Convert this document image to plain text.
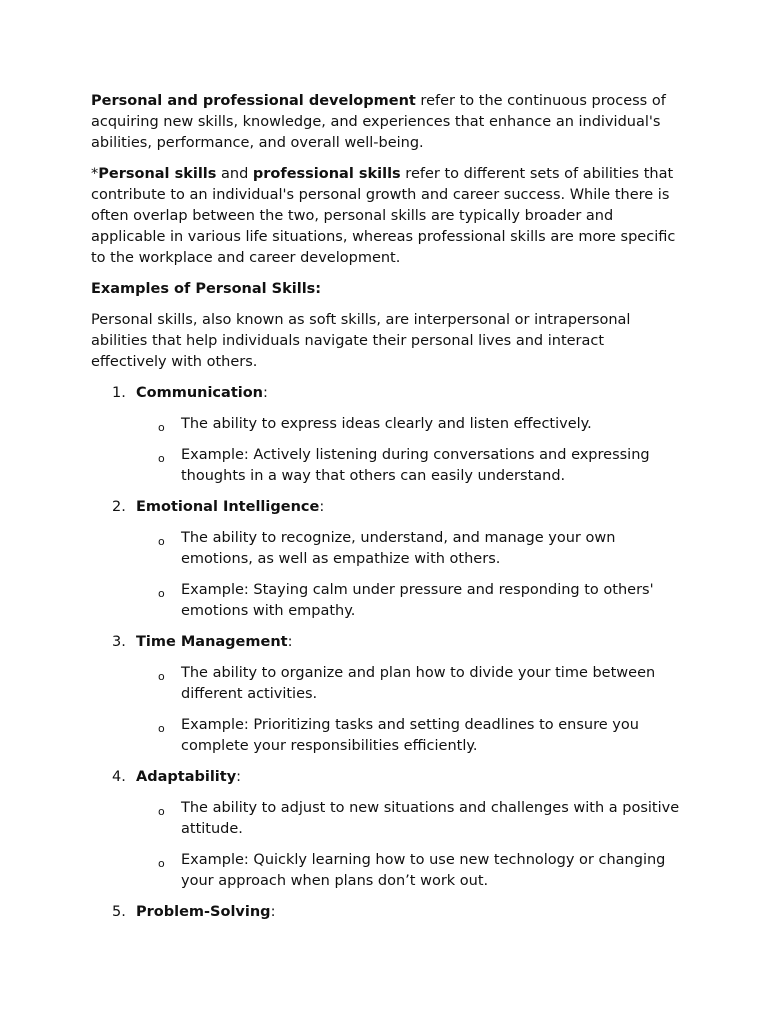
Personal and professional development refer to the continuous process of acquiring new skills, knowledge, and experiences that enhance an individual's abilities, performance, and overall well-being.

*Personal skills and professional skills refer to different sets of abilities that contribute to an individual's personal growth and career success. While there is often overlap between the two, personal skills are typically broader and applicable in various life situations, whereas professional skills are more specific to the workplace and career development.

Examples of Personal Skills:

Personal skills, also known as soft skills, are interpersonal or intrapersonal abilities that help individuals navigate their personal lives and interact effectively with others.

1. Communication:
o The ability to express ideas clearly and listen effectively.
o Example: Actively listening during conversations and expressing thoughts in a way that others can easily understand.
2. Emotional Intelligence:
o The ability to recognize, understand, and manage your own emotions, as well as empathize with others.
o Example: Staying calm under pressure and responding to others' emotions with empathy.
3. Time Management:
o The ability to organize and plan how to divide your time between different activities.
o Example: Prioritizing tasks and setting deadlines to ensure you complete your responsibilities efficiently.
4. Adaptability:
o The ability to adjust to new situations and challenges with a positive attitude.
o Example: Quickly learning how to use new technology or changing your approach when plans don’t work out.
5. Problem-Solving:
